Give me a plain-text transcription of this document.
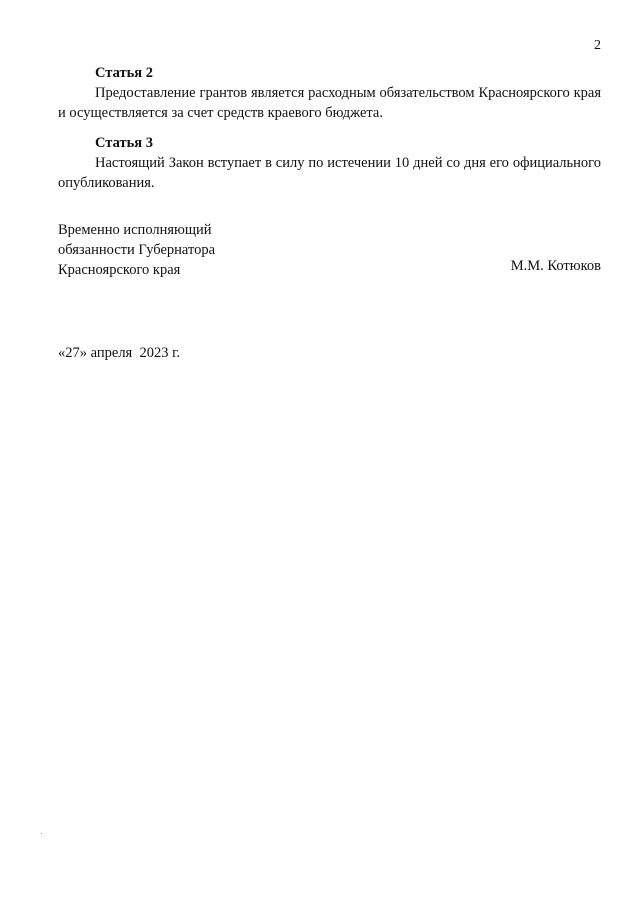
2
Статья 2

Предоставление грантов является расходным обязательством Красноярского края и осуществляется за счет средств краевого бюджета.

Статья 3

Настоящий Закон вступает в силу по истечении 10 дней со дня его официального опубликования.

Временно исполняющий
обязанности Губернатора
Красноярского края	М.М. Котюков
«27» апреля  2023 г.
